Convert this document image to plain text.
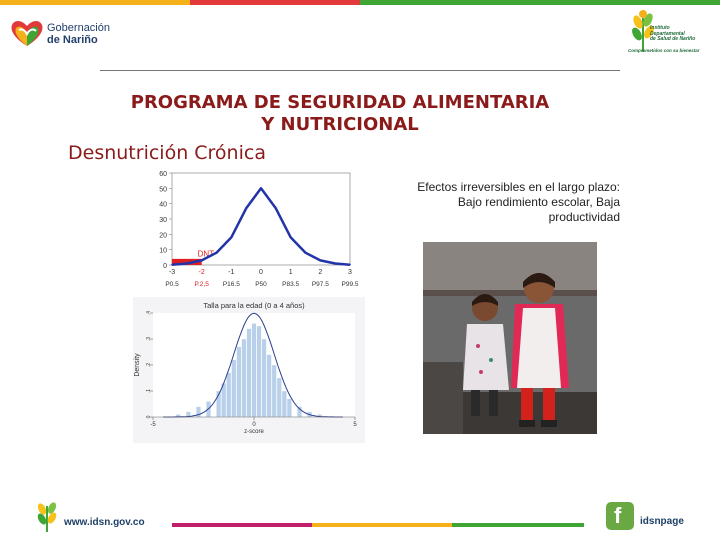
Gobernación
de Nariño
Instituto
Departamental
de Salud de Nariño
Comprometidos con su bienestar
PROGRAMA DE SEGURIDAD ALIMENTARIA
Y NUTRICIONAL
Desnutrición Crónica
Efectos irreversibles en el largo plazo: Bajo rendimiento escolar, Baja productividad
0
10
20
30
40
50
60
DNT
-3
P0.5
-2
P.2,5
-1
P16.5
0
P50
1
P83.5
2
P97.5
3
P99.5
Talla para la edad (0 a 4 años)
0
.1
.2
.3
.4
Density
-5	0	5
z-score
www.idsn.gov.co	f idsnpage
